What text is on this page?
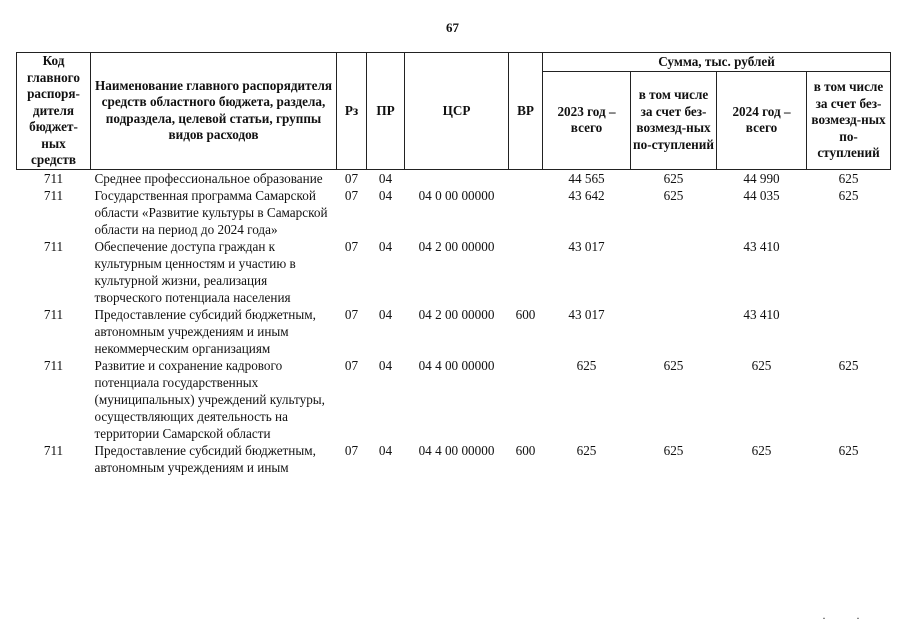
67
Код главного распоря-дителя бюджет-ных средств	Наименование главного распорядителя средств областного бюджета, раздела, подраздела, целевой статьи, группы видов расходов	Рз	ПР	ЦСР	ВР	Сумма, тыс. рублей			
						2023 год – всего	в том числе за счет без-возмезд-ных по-ступлений	2024 год – всего	в том числе за счет без-возмезд-ных по-ступлений
711	Среднее профессиональное образование	07	04			44 565	625	44 990	625
711	Государственная программа Самарской области «Развитие культуры в Самарской области на период до 2024 года»	07	04	04 0 00 00000		43 642	625	44 035	625
711	Обеспечение доступа граждан к культурным ценностям и участию в культурной жизни, реализация творческого потенциала населения	07	04	04 2 00 00000		43 017		43 410	
711	Предоставление субсидий бюджетным, автономным учреждениям и иным некоммерческим организациям	07	04	04 2 00 00000	600	43 017		43 410	
711	Развитие и сохранение кадрового потенциала государственных (муниципальных) учреждений культуры, осуществляющих деятельность на территории Самарской области	07	04	04 4 00 00000		625	625	625	625
711	Предоставление субсидий бюджетным, автономным учреждениям и иным	07	04	04 4 00 00000	600	625	625	625	625
··
